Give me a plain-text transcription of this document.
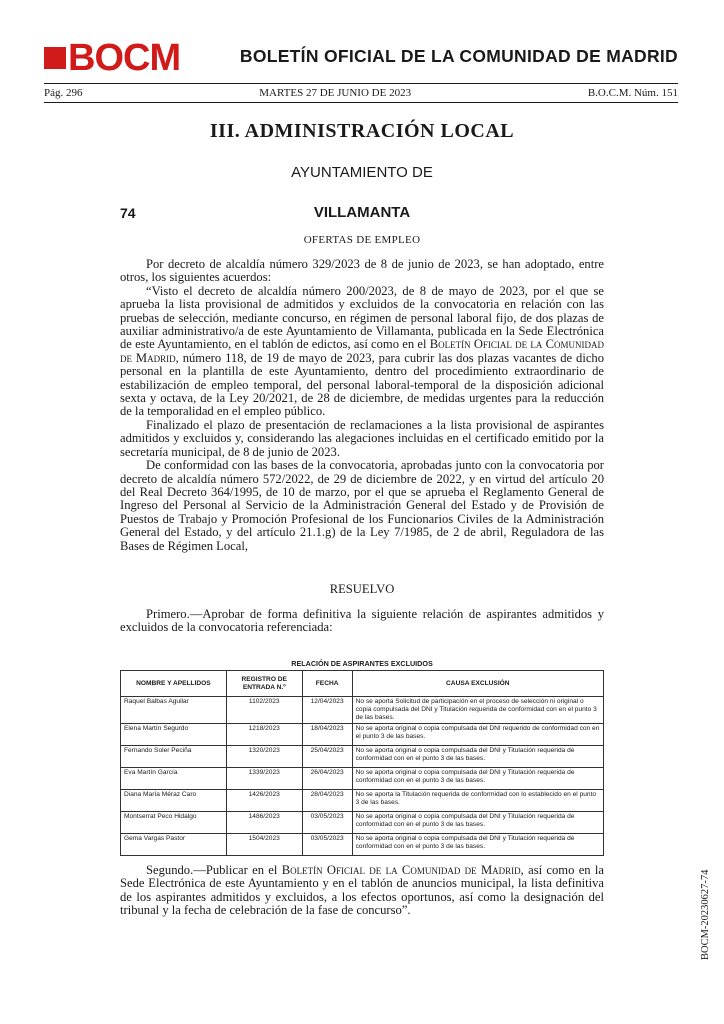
BOCM	BOLETÍN OFICIAL DE LA COMUNIDAD DE MADRID
Pág. 296	MARTES 27 DE JUNIO DE 2023	B.O.C.M. Núm. 151
III. ADMINISTRACIÓN LOCAL
AYUNTAMIENTO DE
74	VILLAMANTA
OFERTAS DE EMPLEO

Por decreto de alcaldía número 329/2023 de 8 de junio de 2023, se han adoptado, entre otros, los siguientes acuerdos:

“Visto el decreto de alcaldía número 200/2023, de 8 de mayo de 2023, por el que se aprueba la lista provisional de admitidos y excluidos de la convocatoria en relación con las pruebas de selección, mediante concurso, en régimen de personal laboral fijo, de dos plazas de auxiliar administrativo/a de este Ayuntamiento de Villamanta, publicada en la Sede Electrónica de este Ayuntamiento, en el tablón de edictos, así como en el Boletín Oficial de la Comunidad de Madrid, número 118, de 19 de mayo de 2023, para cubrir las dos plazas vacantes de dicho personal en la plantilla de este Ayuntamiento, dentro del procedimiento extraordinario de estabilización de empleo temporal, del personal laboral-temporal de la disposición adicional sexta y octava, de la Ley 20/2021, de 28 de diciembre, de medidas urgentes para la reducción de la temporalidad en el empleo público.

Finalizado el plazo de presentación de reclamaciones a la lista provisional de aspirantes admitidos y excluidos y, considerando las alegaciones incluidas en el certificado emitido por la secretaría municipal, de 8 de junio de 2023.

De conformidad con las bases de la convocatoria, aprobadas junto con la convocatoria por decreto de alcaldía número 572/2022, de 29 de diciembre de 2022, y en virtud del artículo 20 del Real Decreto 364/1995, de 10 de marzo, por el que se aprueba el Reglamento General de Ingreso del Personal al Servicio de la Administración General del Estado y de Provisión de Puestos de Trabajo y Promoción Profesional de los Funcionarios Civiles de la Administración General del Estado, y del artículo 21.1.g) de la Ley 7/1985, de 2 de abril, Reguladora de las Bases de Régimen Local,

RESUELVO

Primero.—Aprobar de forma definitiva la siguiente relación de aspirantes admitidos y excluidos de la convocatoria referenciada:

RELACIÓN DE ASPIRANTES EXCLUIDOS
NOMBRE Y APELLIDOS	REGISTRO DE ENTRADA N.º	FECHA	CAUSA EXCLUSIÓN
Raquel Balbas Aguilar	1102/2023	12/04/2023	No se aporta Solicitud de participación en el proceso de selección ni original o copia compulsada del DNI y Titulación requerida de conformidad con en el punto 3 de las bases.
Elena Martín Segurdo	1218/2023	18/04/2023	No se aporta original o copia compulsada del DNI requerido de conformidad con en el punto 3 de las bases.
Fernando Soler Peciña	1320/2023	25/04/2023	No se aporta original o copia compulsada del DNI y Titulación requerida de conformidad con en el punto 3 de las bases.
Eva Martín García	1339/2023	26/04/2023	No se aporta original o copia compulsada del DNI y Titulación requerida de conformidad con en el punto 3 de las bases.
Diana María Méraz Caro	1426/2023	28/04/2023	No se aporta la Titulación requerida de conformidad con lo establecido en el punto 3 de las bases.
Montserrat Peco Hidalgo	1486/2023	03/05/2023	No se aporta original o copia compulsada del DNI y Titulación requerida de conformidad con en el punto 3 de las bases.
Gema Vargas Pastor	1504/2023	03/05/2023	No se aporta original o copia compulsada del DNI y Titulación requerida de conformidad con en el punto 3 de las bases.

Segundo.—Publicar en el Boletín Oficial de la Comunidad de Madrid, así como en la Sede Electrónica de este Ayuntamiento y en el tablón de anuncios municipal, la lista definitiva de los aspirantes admitidos y excluidos, a los efectos oportunos, así como la designación del tribunal y la fecha de celebración de la fase de concurso”.	BOCM-20230627-74
